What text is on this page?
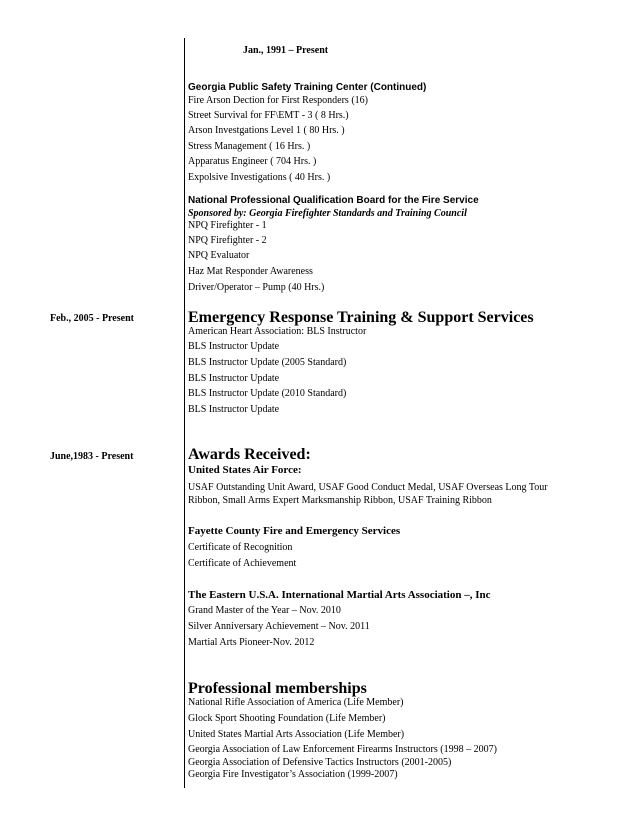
Jan., 1991 – Present
Georgia Public Safety Training Center (Continued)
Fire Arson Dection for First Responders (16)
Street Survival for FF\EMT - 3 ( 8 Hrs.)
Arson Investgations Level 1 ( 80 Hrs. )
Stress Management ( 16 Hrs. )
Apparatus Engineer ( 704 Hrs. )
Expolsive Investigations ( 40 Hrs. )
National Professional Qualification Board for the Fire Service
Sponsored by: Georgia Firefighter Standards and Training Council
NPQ Firefighter - 1
NPQ Firefighter - 2
NPQ Evaluator
Haz Mat Responder Awareness
Driver/Operator – Pump (40 Hrs.)
Feb., 2005 - Present	Emergency Response Training & Support Services
American Heart Association: BLS Instructor
BLS Instructor Update
BLS Instructor Update (2005 Standard)
BLS Instructor Update
BLS Instructor Update (2010 Standard)
BLS Instructor Update
June,1983 - Present	Awards Received:
United States Air Force:
USAF Outstanding Unit Award, USAF Good Conduct Medal, USAF Overseas Long Tour Ribbon, Small Arms Expert Marksmanship Ribbon, USAF Training Ribbon
Fayette County Fire and Emergency Services
Certificate of Recognition
Certificate of Achievement
The Eastern U.S.A. International Martial Arts Association –, Inc
Grand Master of the Year – Nov. 2010
Silver Anniversary Achievement – Nov. 2011
Martial Arts Pioneer-Nov. 2012
Professional memberships
National Rifle Association of America (Life Member)
Glock Sport Shooting Foundation (Life Member)
United States Martial Arts Association (Life Member)
Georgia Association of Law Enforcement Firearms Instructors (1998 – 2007)
Georgia Association of Defensive Tactics Instructors (2001-2005)
Georgia Fire Investigator’s Association (1999-2007)
